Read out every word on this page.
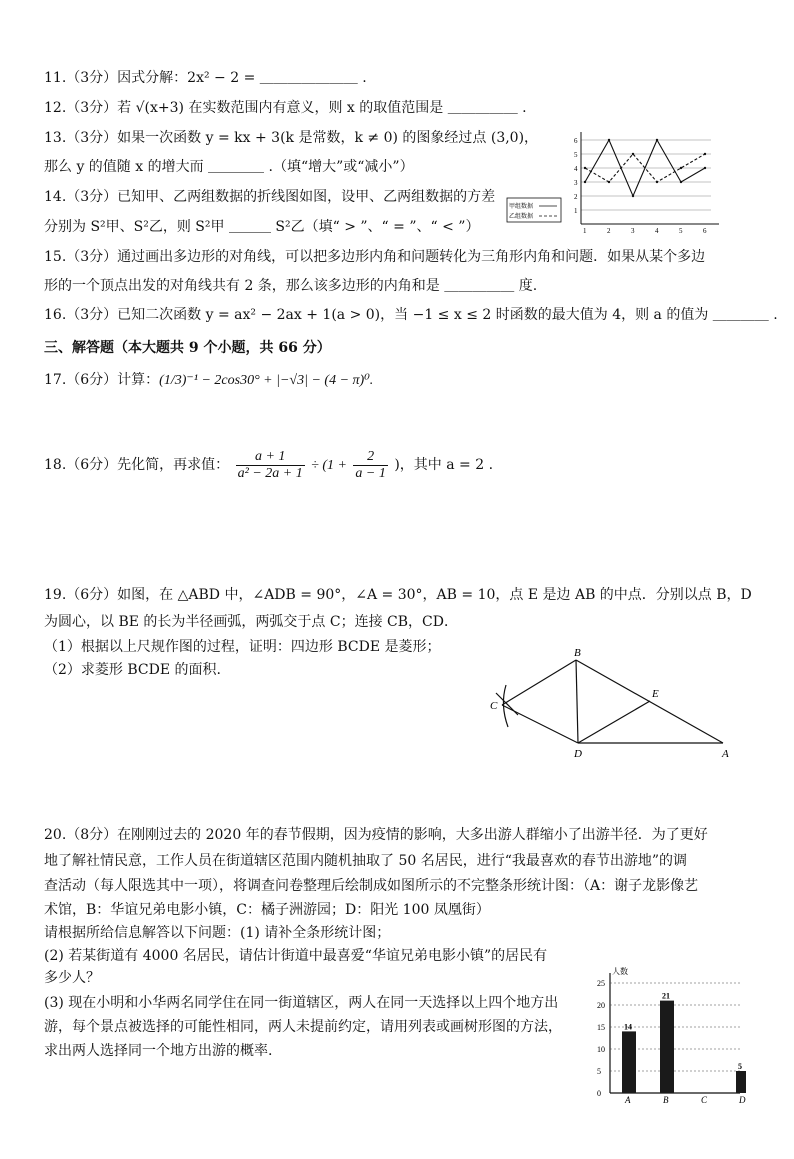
11.（3分）因式分解：2x² − 2 = ＿＿＿＿＿＿＿ .
12.（3分）若 √(x+3) 在实数范围内有意义，则 x 的取值范围是 ＿＿＿＿＿ .
13.（3分）如果一次函数 y = kx + 3(k 是常数，k ≠ 0) 的图象经过点 (3,0)，
那么 y 的值随 x 的增大而 ＿＿＿＿ .（填“增大”或“减小”）
14.（3分）已知甲、乙两组数据的折线图如图，设甲、乙两组数据的方差
分别为 S²甲、S²乙，则 S²甲 ＿＿＿ S²乙（填“ > ”、“ = ”、“ < ”）
1
2
3
4
5
6
1	2	3	4	5	6
甲组数据
乙组数据
15.（3分）通过画出多边形的对角线，可以把多边形内角和问题转化为三角形内角和问题．如果从某个多边
形的一个顶点出发的对角线共有 2 条，那么该多边形的内角和是 ＿＿＿＿＿ 度.
16.（3分）已知二次函数 y = ax² − 2ax + 1(a > 0)，当 −1 ≤ x ≤ 2 时函数的最大值为 4，则 a 的值为 ＿＿＿＿ .
三、解答题（本大题共 9 个小题，共 66 分）
17.（6分）计算：(1/3)⁻¹ − 2cos30° + |−√3| − (4 − π)⁰.
18.（6分）先化简，再求值： $\frac{a + 1}{\text{a² − 2a + 1}} \div (1 + \frac{2}{a - 1}$ )，其中 a = 2 .
19.（6分）如图，在 △ABD 中，∠ADB = 90°，∠A = 30°，AB = 10，点 E 是边 AB 的中点．分别以点 B，D
为圆心，以 BE 的长为半径画弧，两弧交于点 C；连接 CB，CD．
（1）根据以上尺规作图的过程，证明：四边形 BCDE 是菱形；
（2）求菱形 BCDE 的面积.
B
C
D
E
A
20.（8分）在刚刚过去的 2020 年的春节假期，因为疫情的影响，大多出游人群缩小了出游半径．为了更好
地了解社情民意，工作人员在街道辖区范围内随机抽取了 50 名居民，进行“我最喜欢的春节出游地”的调
查活动（每人限选其中一项），将调查问卷整理后绘制成如图所示的不完整条形统计图：（A：谢子龙影像艺
术馆，B：华谊兄弟电影小镇，C：橘子洲游园；D：阳光 100 凤凰街）
请根据所给信息解答以下问题：(1) 请补全条形统计图；
(2) 若某街道有 4000 名居民，请估计街道中最喜爱“华谊兄弟电影小镇”的居民有
多少人？
(3) 现在小明和小华两名同学住在同一街道辖区，两人在同一天选择以上四个地方出
游，每个景点被选择的可能性相同，两人未提前约定，请用列表或画树形图的方法，
求出两人选择同一个地方出游的概率.
人数
0
5
10
15
20
25
14
A
21
B	C
5
D
